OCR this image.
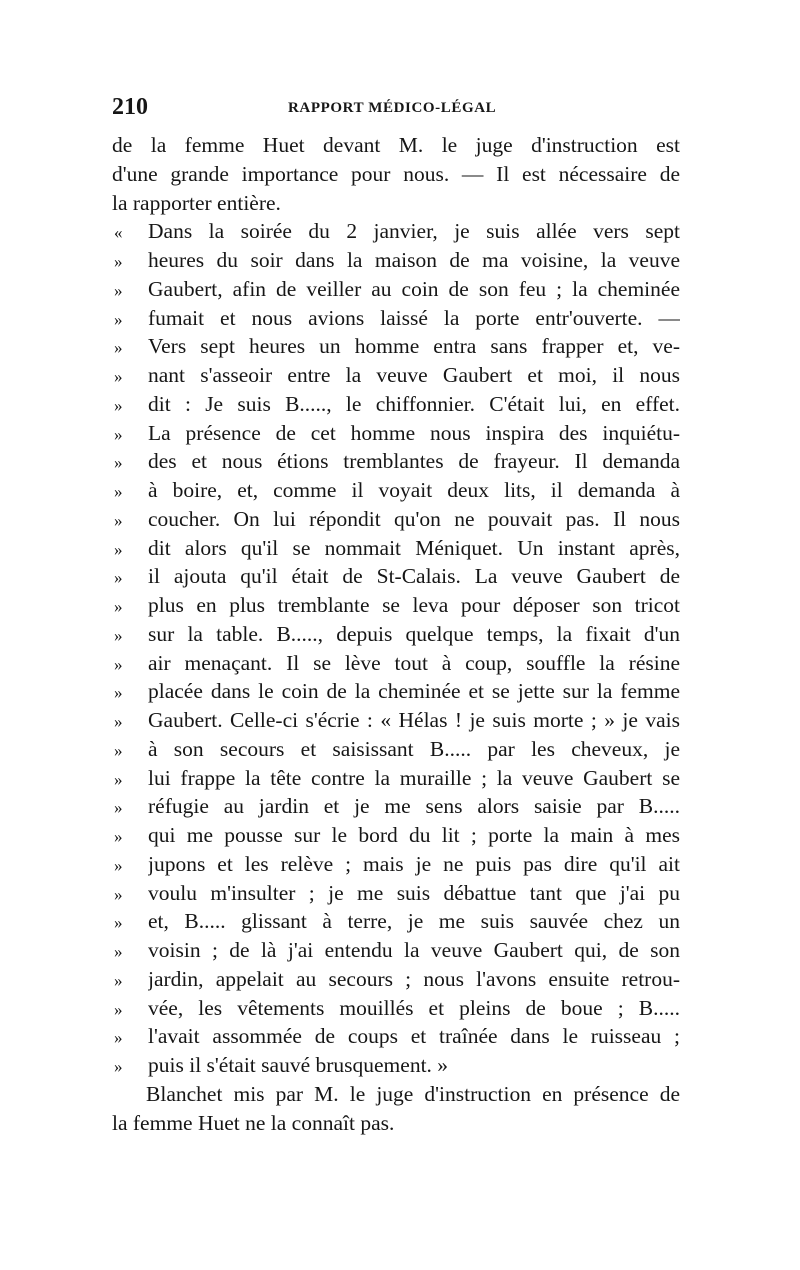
210	RAPPORT MÉDICO-LÉGAL
de la femme Huet devant M. le juge d'instruction est
d'une grande importance pour nous. — Il est nécessaire de
la rapporter entière.
«	Dans la soirée du 2 janvier, je suis allée vers sept
»	heures du soir dans la maison de ma voisine, la veuve
»	Gaubert, afin de veiller au coin de son feu ; la cheminée
»	fumait et nous avions laissé la porte entr'ouverte. —
»	Vers sept heures un homme entra sans frapper et, ve-
»	nant s'asseoir entre la veuve Gaubert et moi, il nous
»	dit : Je suis B....., le chiffonnier. C'était lui, en effet.
»	La présence de cet homme nous inspira des inquiétu-
»	des et nous étions tremblantes de frayeur. Il demanda
»	à boire, et, comme il voyait deux lits, il demanda à
»	coucher. On lui répondit qu'on ne pouvait pas. Il nous
»	dit alors qu'il se nommait Méniquet. Un instant après,
»	il ajouta qu'il était de St-Calais. La veuve Gaubert de
»	plus en plus tremblante se leva pour déposer son tricot
»	sur la table. B....., depuis quelque temps, la fixait d'un
»	air menaçant. Il se lève tout à coup, souffle la résine
»	placée dans le coin de la cheminée et se jette sur la femme
»	Gaubert. Celle-ci s'écrie : « Hélas ! je suis morte ; » je vais
»	à son secours et saisissant B..... par les cheveux, je
»	lui frappe la tête contre la muraille ; la veuve Gaubert se
»	réfugie au jardin et je me sens alors saisie par B.....
»	qui me pousse sur le bord du lit ; porte la main à mes
»	jupons et les relève ; mais je ne puis pas dire qu'il ait
»	voulu m'insulter ; je me suis débattue tant que j'ai pu
»	et, B..... glissant à terre, je me suis sauvée chez un
»	voisin ; de là j'ai entendu la veuve Gaubert qui, de son
»	jardin, appelait au secours ; nous l'avons ensuite retrou-
»	vée, les vêtements mouillés et pleins de boue ; B.....
»	l'avait assommée de coups et traînée dans le ruisseau ;
»	puis il s'était sauvé brusquement. »
Blanchet mis par M. le juge d'instruction en présence de
la femme Huet ne la connaît pas.
